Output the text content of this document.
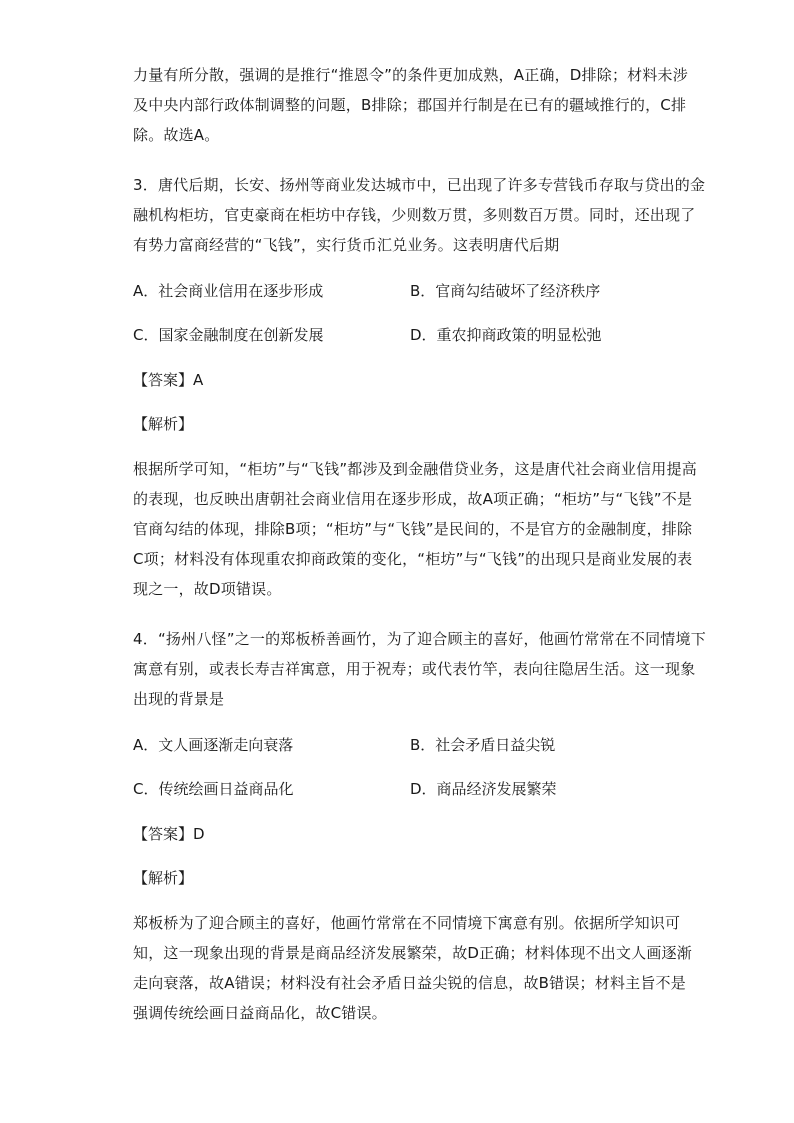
力量有所分散，强调的是推行“推恩令”的条件更加成熟，A正确，D排除；材料未涉
及中央内部行政体制调整的问题，B排除；郡国并行制是在已有的疆域推行的，C排
除。故选A。
3．唐代后期，长安、扬州等商业发达城市中，已出现了许多专营钱币存取与贷出的金
融机构柜坊，官吏豪商在柜坊中存钱，少则数万贯，多则数百万贯。同时，还出现了
有势力富商经营的“飞钱”，实行货币汇兑业务。这表明唐代后期
A．社会商业信用在逐步形成	B．官商勾结破坏了经济秩序
C．国家金融制度在创新发展	D．重农抑商政策的明显松弛
【答案】A
【解析】
根据所学可知，“柜坊”与“飞钱”都涉及到金融借贷业务，这是唐代社会商业信用提高
的表现，也反映出唐朝社会商业信用在逐步形成，故A项正确；“柜坊”与“飞钱”不是
官商勾结的体现，排除B项；“柜坊”与“飞钱”是民间的，不是官方的金融制度，排除
C项；材料没有体现重农抑商政策的变化，“柜坊”与“飞钱”的出现只是商业发展的表
现之一，故D项错误。
4．“扬州八怪”之一的郑板桥善画竹，为了迎合顾主的喜好，他画竹常常在不同情境下
寓意有别，或表长寿吉祥寓意，用于祝寿；或代表竹竿，表向往隐居生活。这一现象
出现的背景是
A．文人画逐渐走向衰落	B．社会矛盾日益尖锐
C．传统绘画日益商品化	D．商品经济发展繁荣
【答案】D
【解析】
郑板桥为了迎合顾主的喜好，他画竹常常在不同情境下寓意有别。依据所学知识可
知，这一现象出现的背景是商品经济发展繁荣，故D正确；材料体现不出文人画逐渐
走向衰落，故A错误；材料没有社会矛盾日益尖锐的信息，故B错误；材料主旨不是
强调传统绘画日益商品化，故C错误。
